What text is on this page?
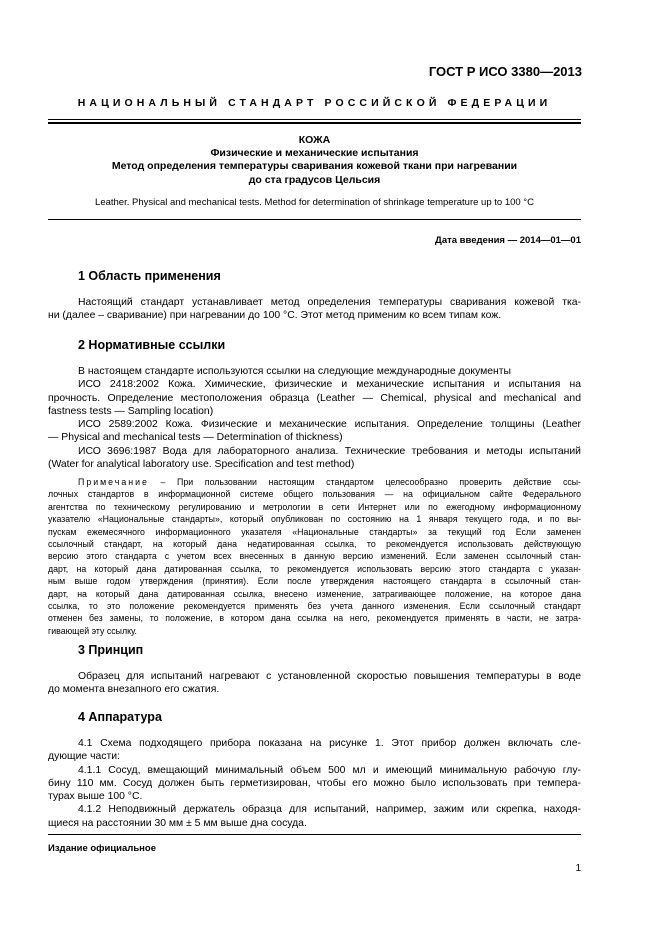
ГОСТ Р ИСО 3380—2013
НАЦИОНАЛЬНЫЙ СТАНДАРТ РОССИЙСКОЙ ФЕДЕРАЦИИ
КОЖА
Физические и механические испытания
Метод определения температуры сваривания кожевой ткани при нагревании
до ста градусов Цельсия
Leather. Physical and mechanical tests. Method for determination of shrinkage temperature up to 100 °C
Дата введения — 2014—01—01
1 Область применения
Настоящий стандарт устанавливает метод определения температуры сваривания кожевой тка-
ни (далее – сваривание) при нагревании до 100 °C. Этот метод применим ко всем типам кож.
2 Нормативные ссылки
В настоящем стандарте используются ссылки на следующие международные документы
ИСО 2418:2002 Кожа. Химические, физические и механические испытания и испытания на
прочность. Определение местоположения образца (Leather — Chemical, physical and mechanical and
fastness tests — Sampling location)
ИСО 2589:2002 Кожа. Физические и механические испытания. Определение толщины (Leather
— Physical and mechanical tests — Determination of thickness)
ИСО 3696:1987 Вода для лабораторного анализа. Технические требования и методы испытаний
(Water for analytical laboratory use. Specification and test method)
Примечание – При пользовании настоящим стандартом целесообразно проверить действие ссы-
лочных стандартов в информационной системе общего пользования — на официальном сайте Федерального
агентства по техническому регулированию и метрологии в сети Интернет или по ежегодному информационному
указателю «Национальные стандарты», который опубликован по состоянию на 1 января текущего года, и по вы-
пускам ежемесячного информационного указателя «Национальные стандарты» за текущий год Если заменен
ссылочный стандарт, на который дана недатированная ссылка, то рекомендуется использовать действующую
версию этого стандарта с учетом всех внесенных в данную версию изменений. Если заменен ссылочный стан-
дарт, на который дана датированная ссылка, то рекомендуется использовать версию этого стандарта с указан-
ным выше годом утверждения (принятия). Если после утверждения настоящего стандарта в ссылочный стан-
дарт, на который дана датированная ссылка, внесено изменение, затрагивающее положение, на которое дана
ссылка, то это положение рекомендуется применять без учета данного изменения. Если ссылочный стандарт
отменен без замены, то положение, в котором дана ссылка на него, рекомендуется применять в части, не затра-
гивающей эту ссылку.
3 Принцип
Образец для испытаний нагревают с установленной скоростью повышения температуры в воде
до момента внезапного его сжатия.
4 Аппаратура
4.1 Схема подходящего прибора показана на рисунке 1. Этот прибор должен включать сле-
дующие части:
4.1.1 Сосуд, вмещающий минимальный объем 500 мл и имеющий минимальную рабочую глу-
бину 110 мм. Сосуд должен быть герметизирован, чтобы его можно было использовать при темпера-
турах выше 100 °C.
4.1.2 Неподвижный держатель образца для испытаний, например, зажим или скрепка, находя-
щиеся на расстоянии 30 мм ± 5 мм выше дна сосуда.
Издание официальное
1
